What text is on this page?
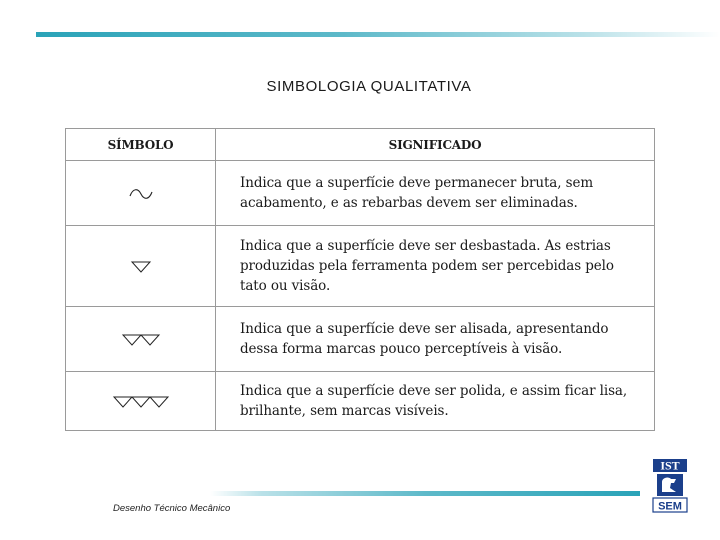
SIMBOLOGIA QUALITATIVA
SÍMBOLO	SIGNIFICADO
	Indica que a superfície deve permanecer bruta, sem acabamento, e as rebarbas devem ser eliminadas.
	Indica que a superfície deve ser desbastada. As estrias produzidas pela ferramenta podem ser percebidas pelo tato ou visão.
	Indica que a superfície deve ser alisada, apresentando dessa forma marcas pouco perceptíveis à visão.
	Indica que a superfície deve ser polida, e assim ficar lisa, brilhante, sem marcas visíveis.
Desenho Técnico Mecânico
IST
SEM
